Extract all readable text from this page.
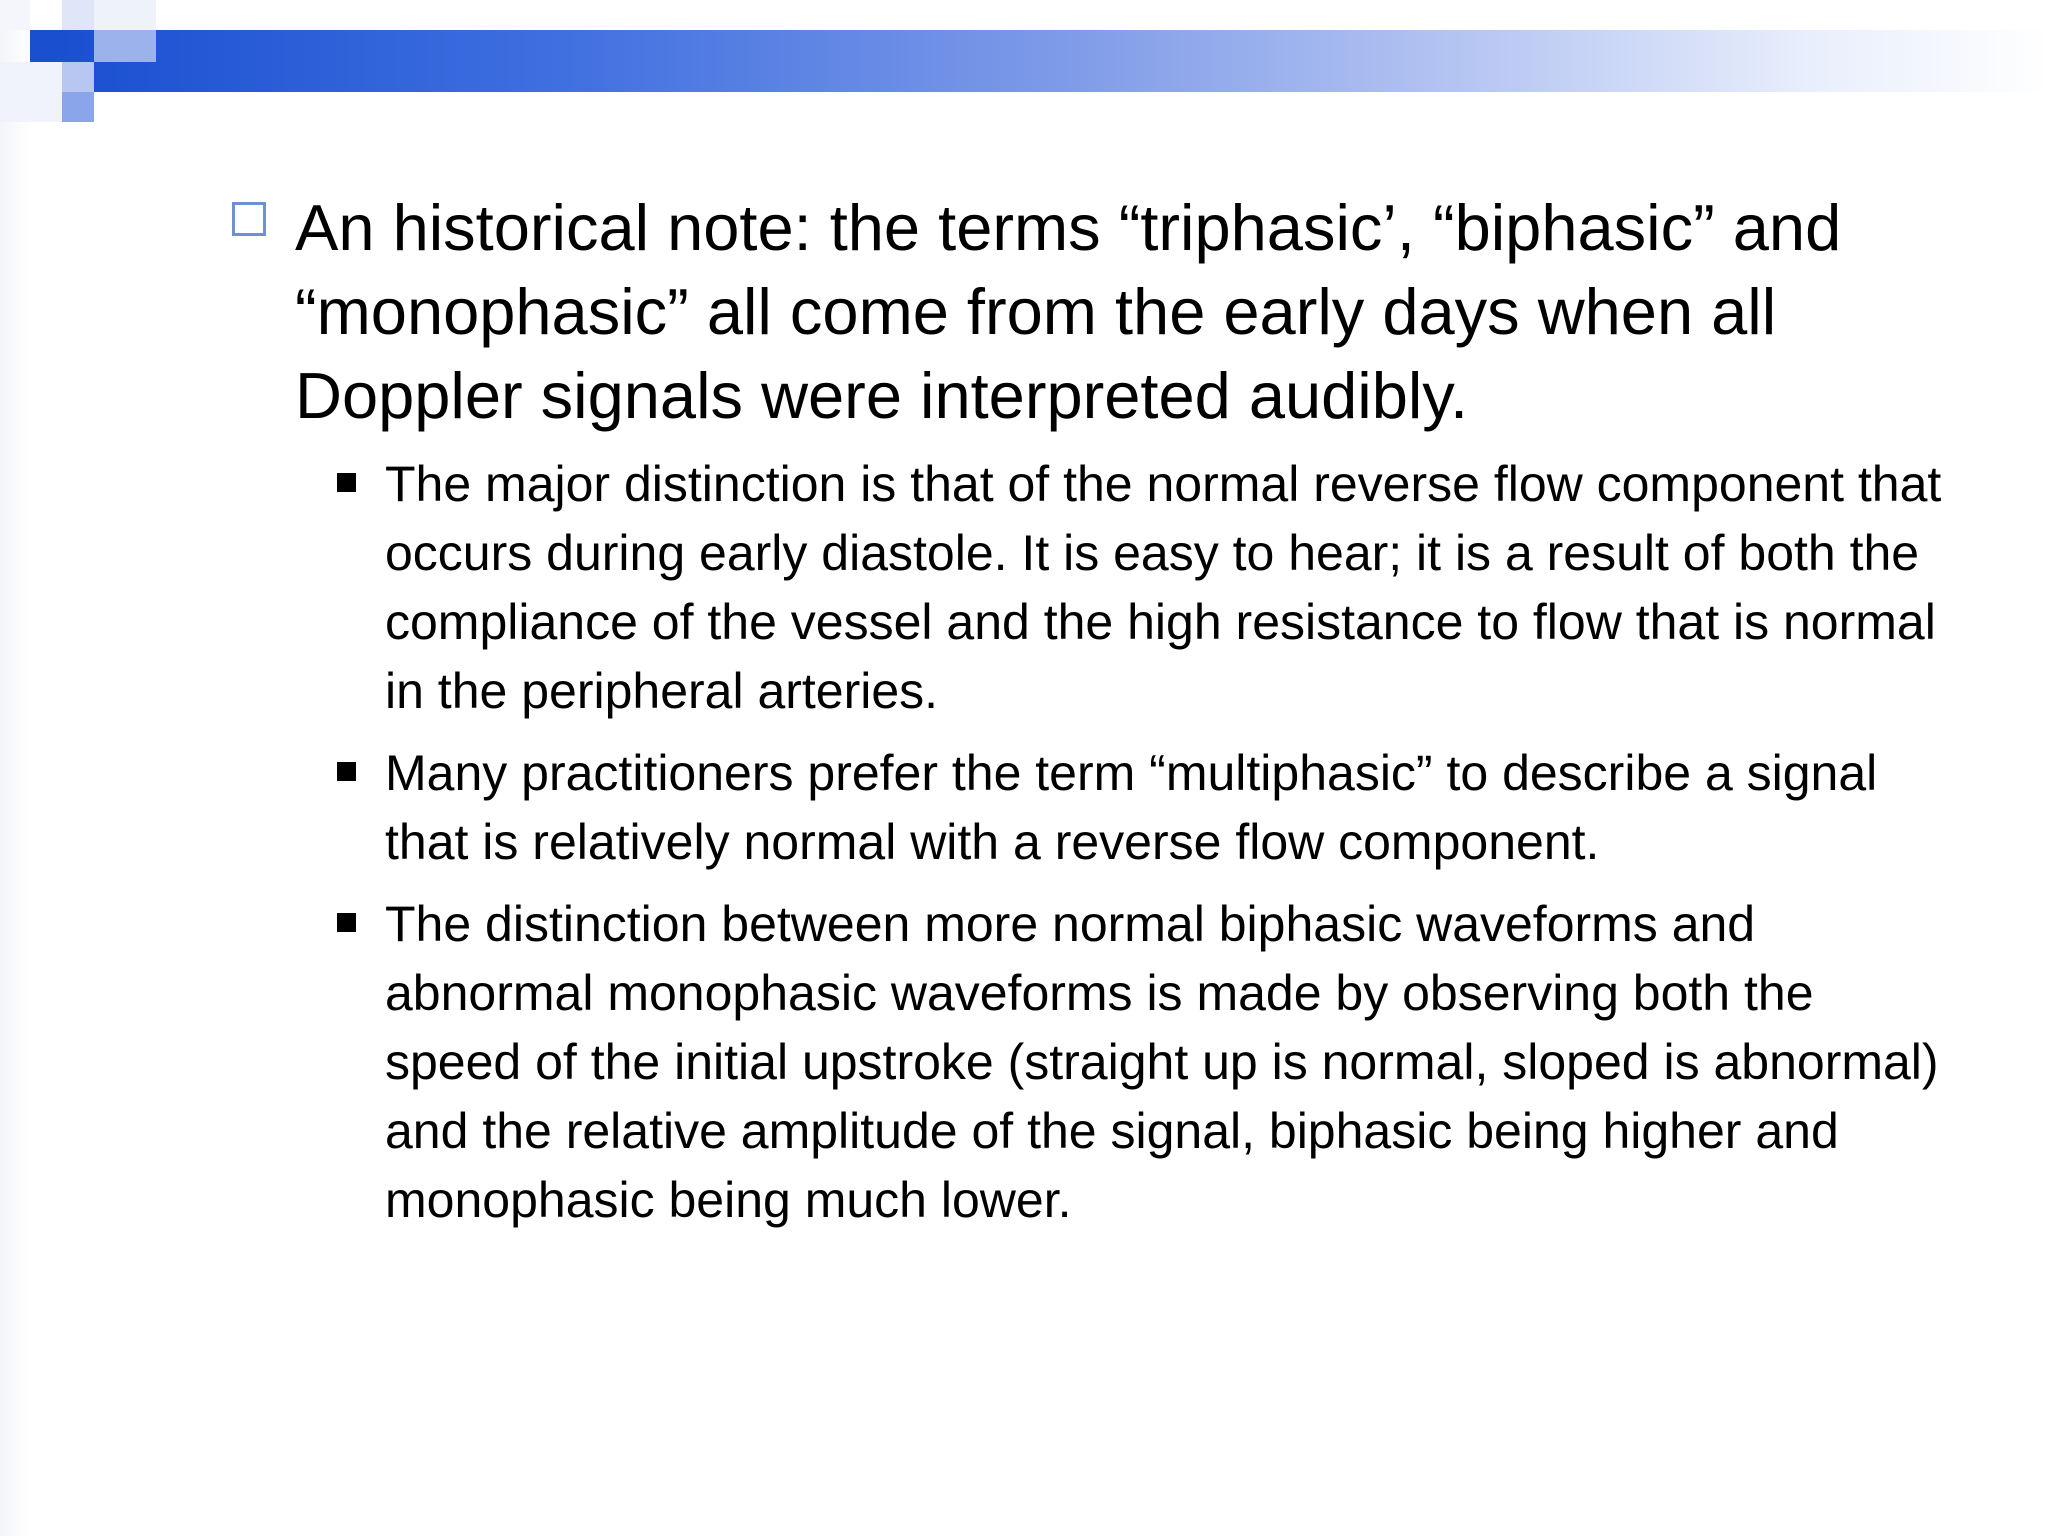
An historical note: the terms “triphasic’, “biphasic” and “monophasic” all come from the early days when all Doppler signals were interpreted audibly.
The major distinction is that of the normal reverse flow component that occurs during early diastole. It is easy to hear; it is a result of both the compliance of the vessel and the high resistance to flow that is normal in the peripheral arteries.
Many practitioners prefer the term “multiphasic” to describe a signal that is relatively normal with a reverse flow component.
The distinction between more normal biphasic waveforms and abnormal monophasic waveforms is made by observing both the speed of the initial upstroke (straight up is normal, sloped is abnormal) and the relative amplitude of the signal, biphasic being higher and monophasic being much lower.
